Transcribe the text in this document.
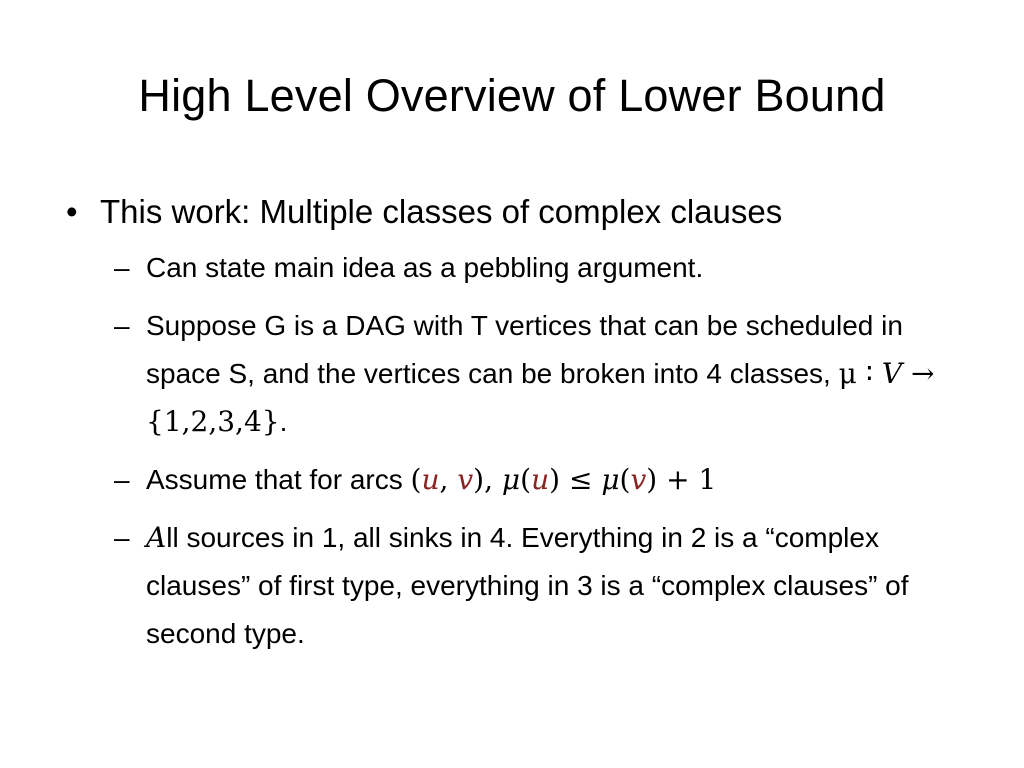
High Level Overview of Lower Bound
• This work: Multiple classes of complex clauses
– Can state main idea as a pebbling argument.
– Suppose G is a DAG with T vertices that can be scheduled in space S, and the vertices can be broken into 4 classes, μ ∶ V → {1,2,3,4}.
– Assume that for arcs (u, v), μ(u) ≤ μ(v) + 1
– All sources in 1, all sinks in 4. Everything in 2 is a “complex clauses” of first type, everything in 3 is a “complex clauses” of second type.
